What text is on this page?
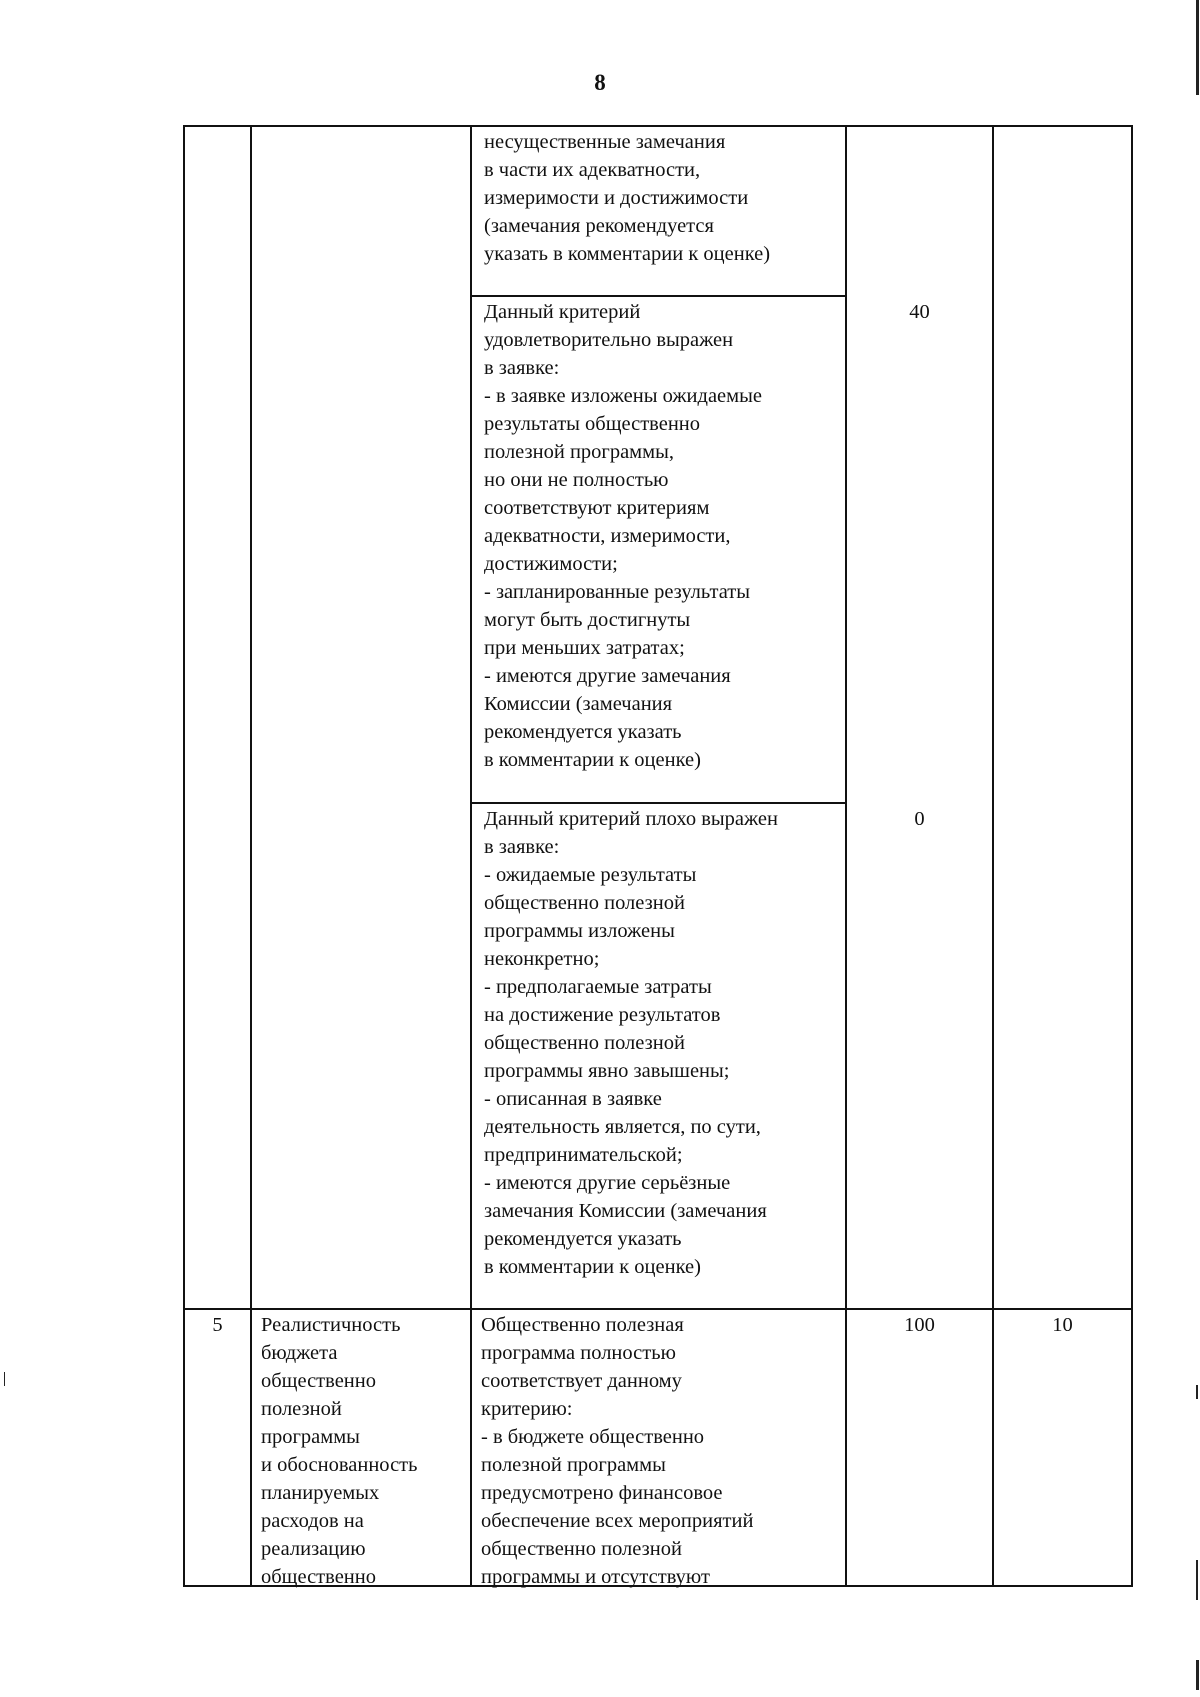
8
несущественные замечания
в части их адекватности,
измеримости и достижимости
(замечания рекомендуется
указать в комментарии к оценке)
Данный критерий
удовлетворительно выражен
в заявке:
- в заявке изложены ожидаемые
результаты общественно
полезной программы,
но они не полностью
соответствуют критериям
адекватности, измеримости,
достижимости;
- запланированные результаты
могут быть достигнуты
при меньших затратах;
- имеются другие замечания
Комиссии (замечания
рекомендуется указать
в комментарии к оценке)
40
Данный критерий плохо выражен
в заявке:
- ожидаемые результаты
общественно полезной
программы изложены
неконкретно;
- предполагаемые затраты
на достижение результатов
общественно полезной
программы явно завышены;
- описанная в заявке
деятельность является, по сути,
предпринимательской;
- имеются другие серьёзные
замечания Комиссии (замечания
рекомендуется указать
в комментарии к оценке)
0
5	Реалистичность
бюджета
общественно
полезной
программы
и обоснованность
планируемых
расходов на
реализацию
общественно
Общественно полезная
программа полностью
соответствует данному
критерию:
- в бюджете общественно
полезной программы
предусмотрено финансовое
обеспечение всех мероприятий
общественно полезной
программы и отсутствуют
100	10
